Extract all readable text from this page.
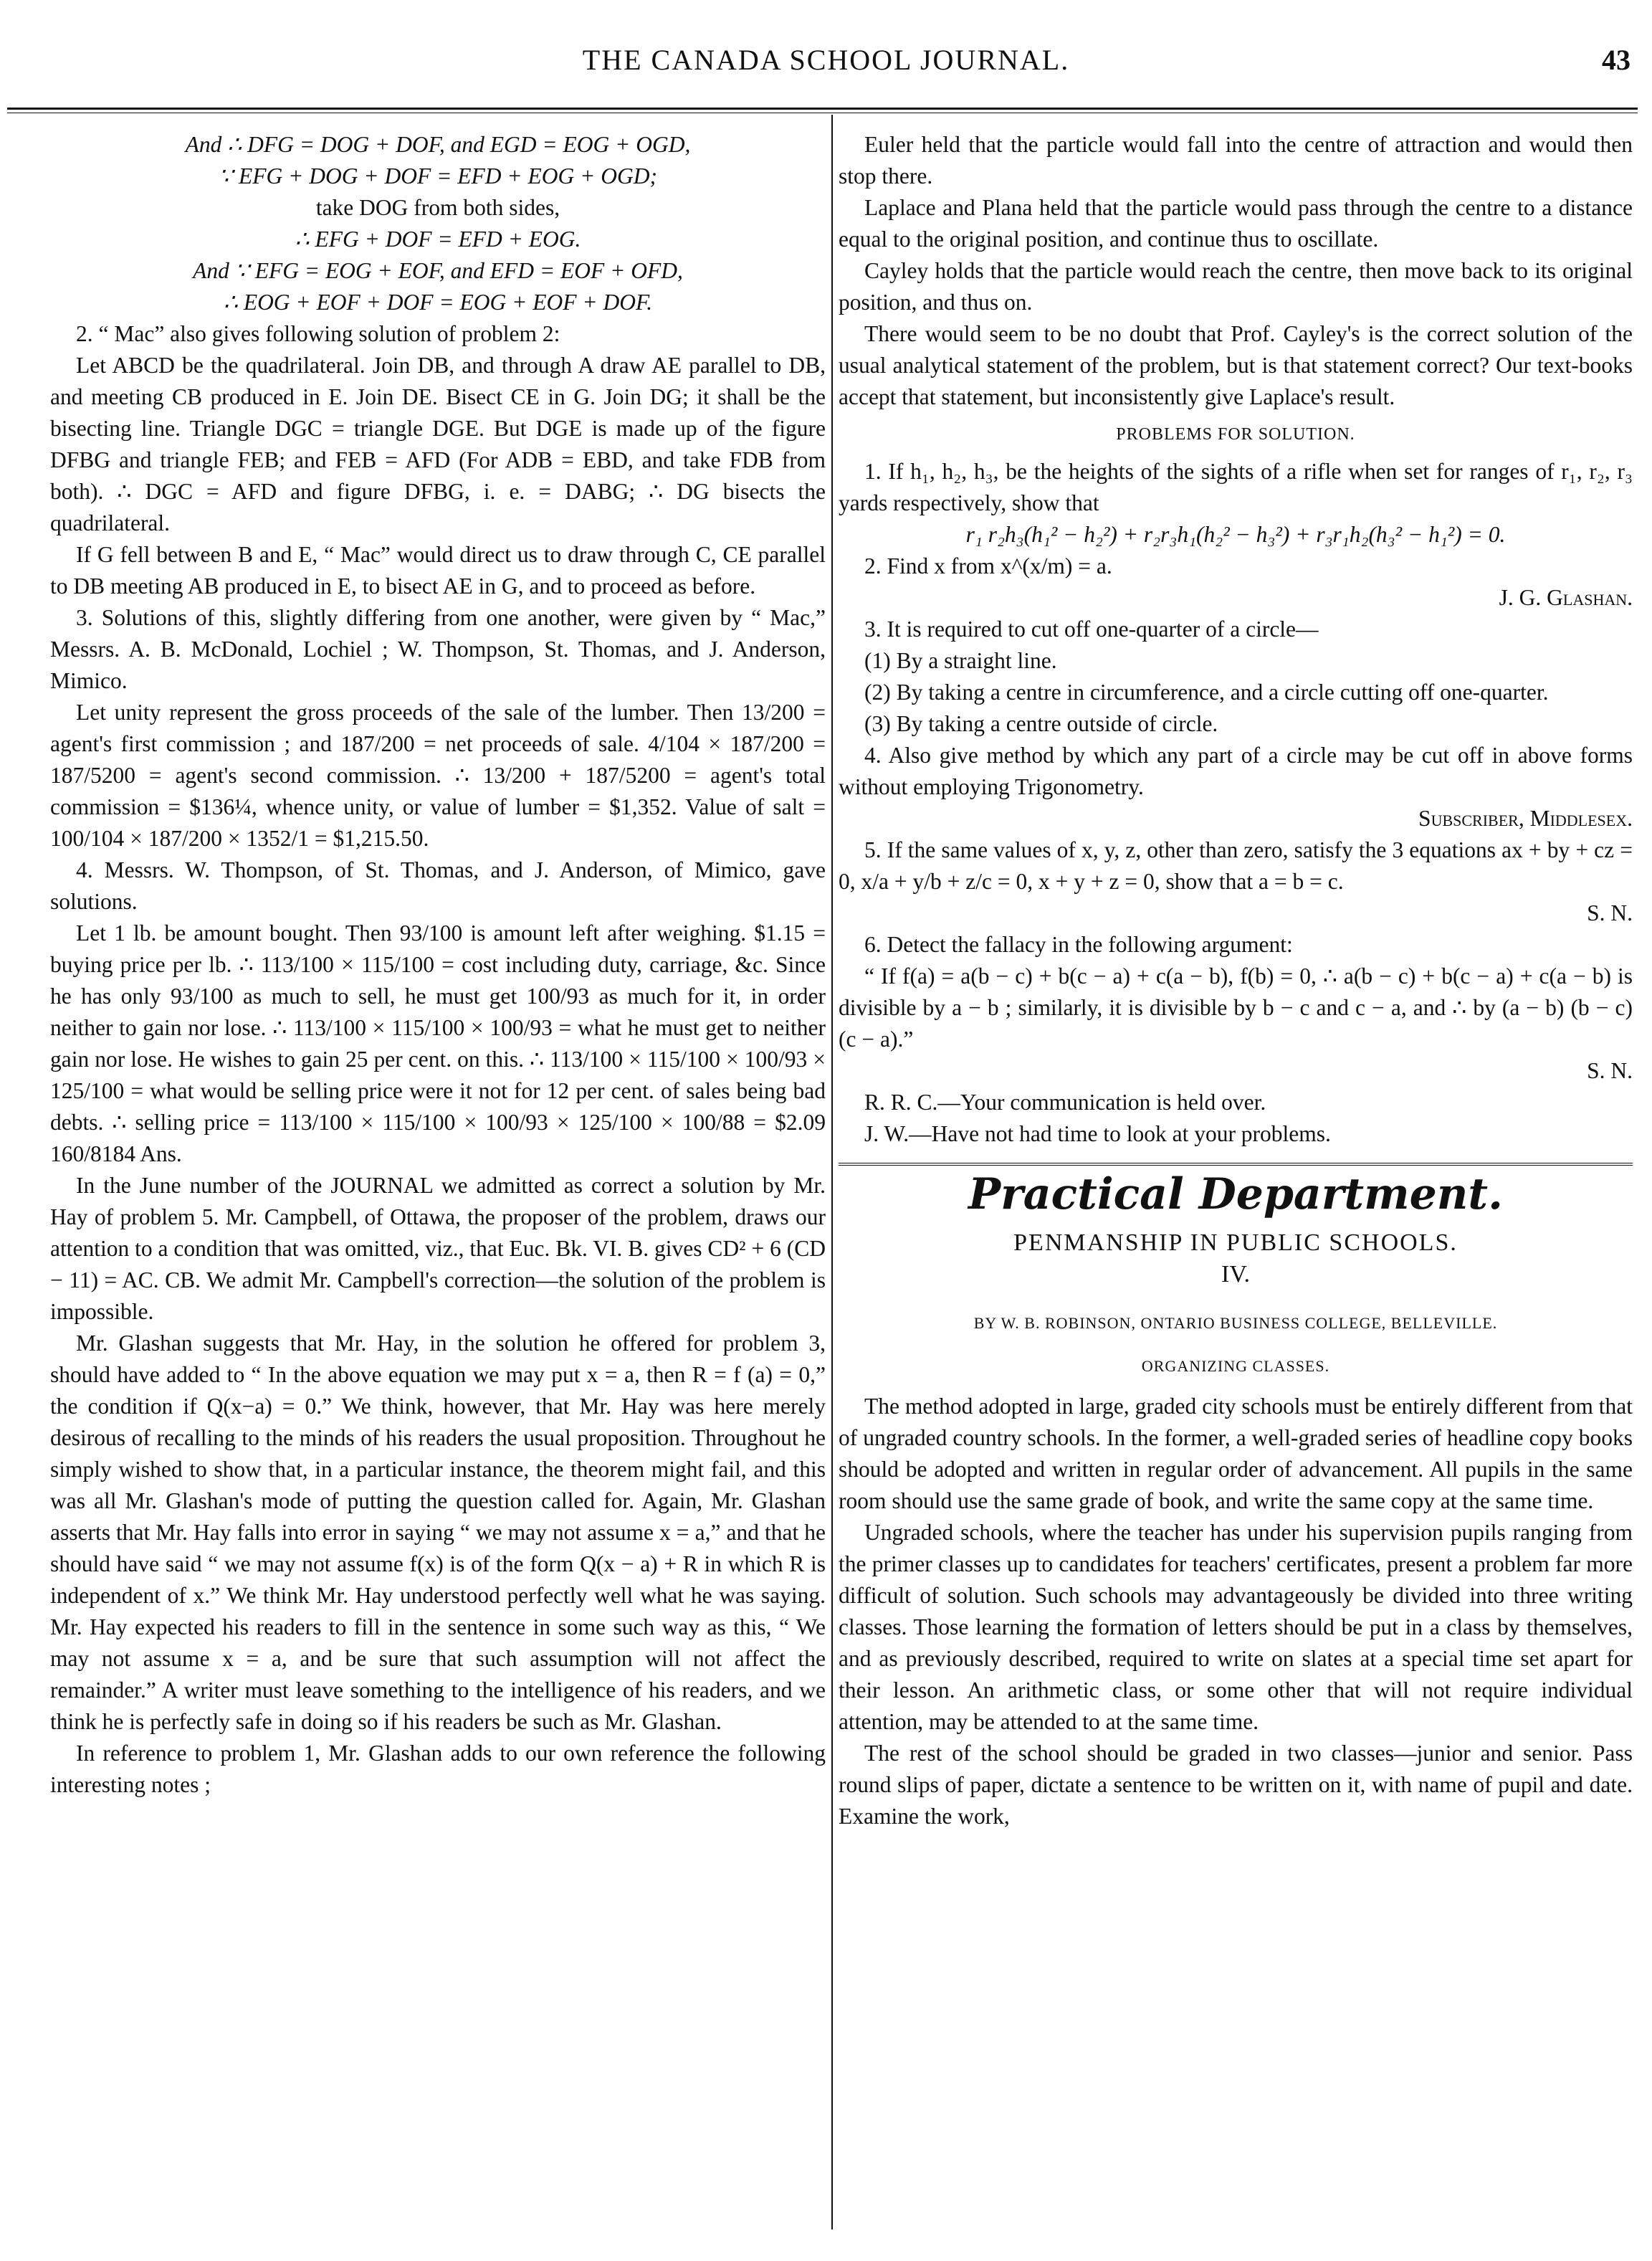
THE CANADA SCHOOL JOURNAL.	43

And ∴ DFG = DOG + DOF, and EGD = EOG + OGD,

∵ EFG + DOG + DOF = EFD + EOG + OGD;

take DOG from both sides,

∴ EFG + DOF = EFD + EOG.

And ∵ EFG = EOG + EOF, and EFD = EOF + OFD,

∴ EOG + EOF + DOF = EOG + EOF + DOF.

2. “ Mac” also gives following solution of problem 2:

Let ABCD be the quadrilateral. Join DB, and through A draw AE parallel to DB, and meeting CB produced in E. Join DE. Bisect CE in G. Join DG; it shall be the bisecting line. Triangle DGC = triangle DGE. But DGE is made up of the figure DFBG and triangle FEB; and FEB = AFD (For ADB = EBD, and take FDB from both). ∴ DGC = AFD and figure DFBG, i. e. = DABG; ∴ DG bisects the quadrilateral.

If G fell between B and E, “ Mac” would direct us to draw through C, CE parallel to DB meeting AB produced in E, to bisect AE in G, and to proceed as before.

3. Solutions of this, slightly differing from one another, were given by “ Mac,” Messrs. A. B. McDonald, Lochiel ; W. Thompson, St. Thomas, and J. Anderson, Mimico.

Let unity represent the gross proceeds of the sale of the lumber. Then 13/200 = agent's first commission ; and 187/200 = net proceeds of sale. 4/104 × 187/200 = 187/5200 = agent's second commission. ∴ 13/200 + 187/5200 = agent's total commission = $136¼, whence unity, or value of lumber = $1,352. Value of salt = 100/104 × 187/200 × 1352/1 = $1,215.50.

4. Messrs. W. Thompson, of St. Thomas, and J. Anderson, of Mimico, gave solutions.

Let 1 lb. be amount bought. Then 93/100 is amount left after weighing. $1.15 = buying price per lb. ∴ 113/100 × 115/100 = cost including duty, carriage, &c. Since he has only 93/100 as much to sell, he must get 100/93 as much for it, in order neither to gain nor lose. ∴ 113/100 × 115/100 × 100/93 = what he must get to neither gain nor lose. He wishes to gain 25 per cent. on this. ∴ 113/100 × 115/100 × 100/93 × 125/100 = what would be selling price were it not for 12 per cent. of sales being bad debts. ∴ selling price = 113/100 × 115/100 × 100/93 × 125/100 × 100/88 = $2.09 160/8184 Ans.

In the June number of the JOURNAL we admitted as correct a solution by Mr. Hay of problem 5. Mr. Campbell, of Ottawa, the proposer of the problem, draws our attention to a condition that was omitted, viz., that Euc. Bk. VI. B. gives CD² + 6 (CD − 11) = AC. CB. We admit Mr. Campbell's correction—the solution of the problem is impossible.

Mr. Glashan suggests that Mr. Hay, in the solution he offered for problem 3, should have added to “ In the above equation we may put x = a, then R = f (a) = 0,” the condition if Q(x−a) = 0.” We think, however, that Mr. Hay was here merely desirous of recalling to the minds of his readers the usual proposition. Throughout he simply wished to show that, in a particular instance, the theorem might fail, and this was all Mr. Glashan's mode of putting the question called for. Again, Mr. Glashan asserts that Mr. Hay falls into error in saying “ we may not assume x = a,” and that he should have said “ we may not assume f(x) is of the form Q(x − a) + R in which R is independent of x.” We think Mr. Hay understood perfectly well what he was saying. Mr. Hay expected his readers to fill in the sentence in some such way as this, “ We may not assume x = a, and be sure that such assumption will not affect the remainder.” A writer must leave something to the intelligence of his readers, and we think he is perfectly safe in doing so if his readers be such as Mr. Glashan.

In reference to problem 1, Mr. Glashan adds to our own reference the following interesting notes ;

Euler held that the particle would fall into the centre of attraction and would then stop there.

Laplace and Plana held that the particle would pass through the centre to a distance equal to the original position, and continue thus to oscillate.

Cayley holds that the particle would reach the centre, then move back to its original position, and thus on.

There would seem to be no doubt that Prof. Cayley's is the correct solution of the usual analytical statement of the problem, but is that statement correct? Our text-books accept that statement, but inconsistently give Laplace's result.

PROBLEMS FOR SOLUTION.

1. If h₁, h₂, h₃, be the heights of the sights of a rifle when set for ranges of r₁, r₂, r₃ yards respectively, show that

r₁ r₂h₃(h₁² − h₂²) + r₂r₃h₁(h₂² − h₃²) + r₃r₁h₂(h₃² − h₁²) = 0.

2. Find x from x^(x/m) = a.

J. G. Glashan.

3. It is required to cut off one-quarter of a circle—

(1) By a straight line.

(2) By taking a centre in circumference, and a circle cutting off one-quarter.

(3) By taking a centre outside of circle.

4. Also give method by which any part of a circle may be cut off in above forms without employing Trigonometry.

Subscriber, Middlesex.

5. If the same values of x, y, z, other than zero, satisfy the 3 equations ax + by + cz = 0, x/a + y/b + z/c = 0, x + y + z = 0, show that a = b = c.

S. N.

6. Detect the fallacy in the following argument:

“ If f(a) = a(b − c) + b(c − a) + c(a − b), f(b) = 0, ∴ a(b − c) + b(c − a) + c(a − b) is divisible by a − b ; similarly, it is divisible by b − c and c − a, and ∴ by (a − b) (b − c) (c − a).”

S. N.

R. R. C.—Your communication is held over.

J. W.—Have not had time to look at your problems.

Practical Department.
PENMANSHIP IN PUBLIC SCHOOLS.
IV.
BY W. B. ROBINSON, ONTARIO BUSINESS COLLEGE, BELLEVILLE.
ORGANIZING CLASSES.

The method adopted in large, graded city schools must be entirely different from that of ungraded country schools. In the former, a well-graded series of headline copy books should be adopted and written in regular order of advancement. All pupils in the same room should use the same grade of book, and write the same copy at the same time.

Ungraded schools, where the teacher has under his supervision pupils ranging from the primer classes up to candidates for teachers' certificates, present a problem far more difficult of solution. Such schools may advantageously be divided into three writing classes. Those learning the formation of letters should be put in a class by themselves, and as previously described, required to write on slates at a special time set apart for their lesson. An arithmetic class, or some other that will not require individual attention, may be attended to at the same time.

The rest of the school should be graded in two classes—junior and senior. Pass round slips of paper, dictate a sentence to be written on it, with name of pupil and date. Examine the work,
